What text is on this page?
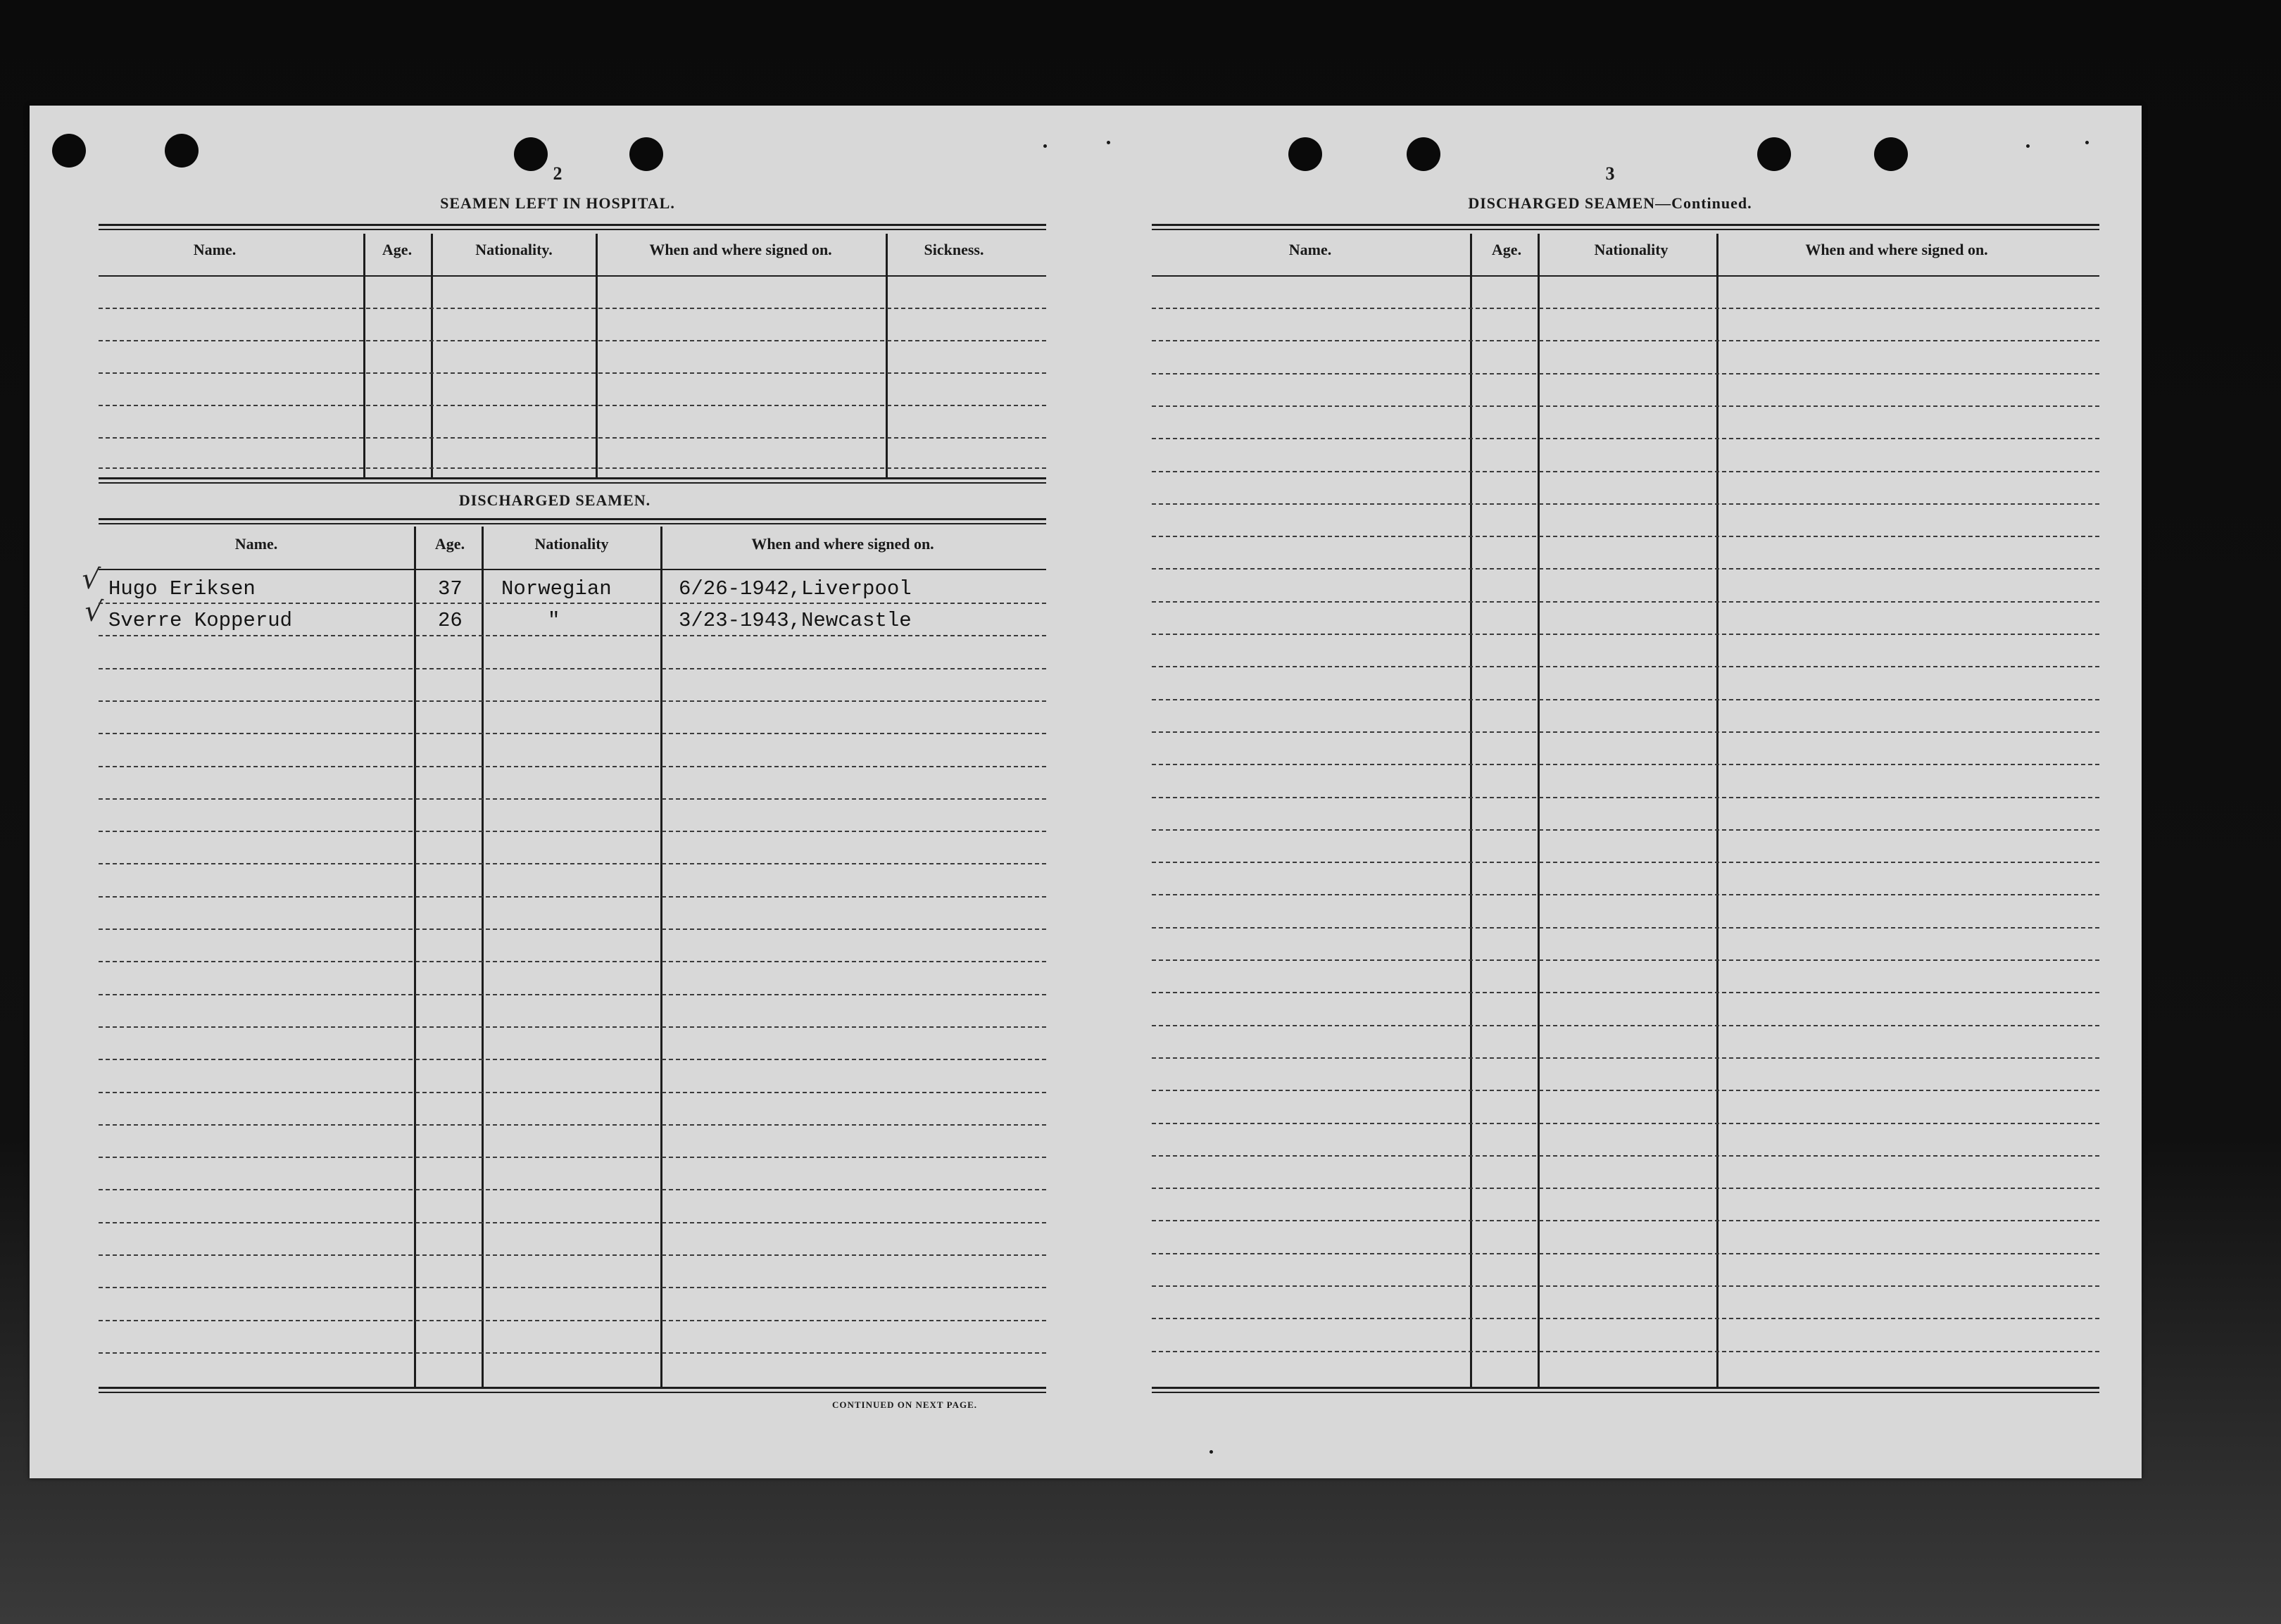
2
SEAMEN LEFT IN HOSPITAL.
Name.	Age.	Nationality.	When and where signed on.	Sickness.
DISCHARGED SEAMEN.
Name.	Age.	Nationality	When and where signed on.
√ Hugo Eriksen	37 Norwegian	6/26-1942,Liverpool
√ Sverre Kopperud	26	"	3/23-1943,Newcastle
CONTINUED ON NEXT PAGE.
3
DISCHARGED SEAMEN—Continued.
Name.	Age.	Nationality	When and where signed on.
